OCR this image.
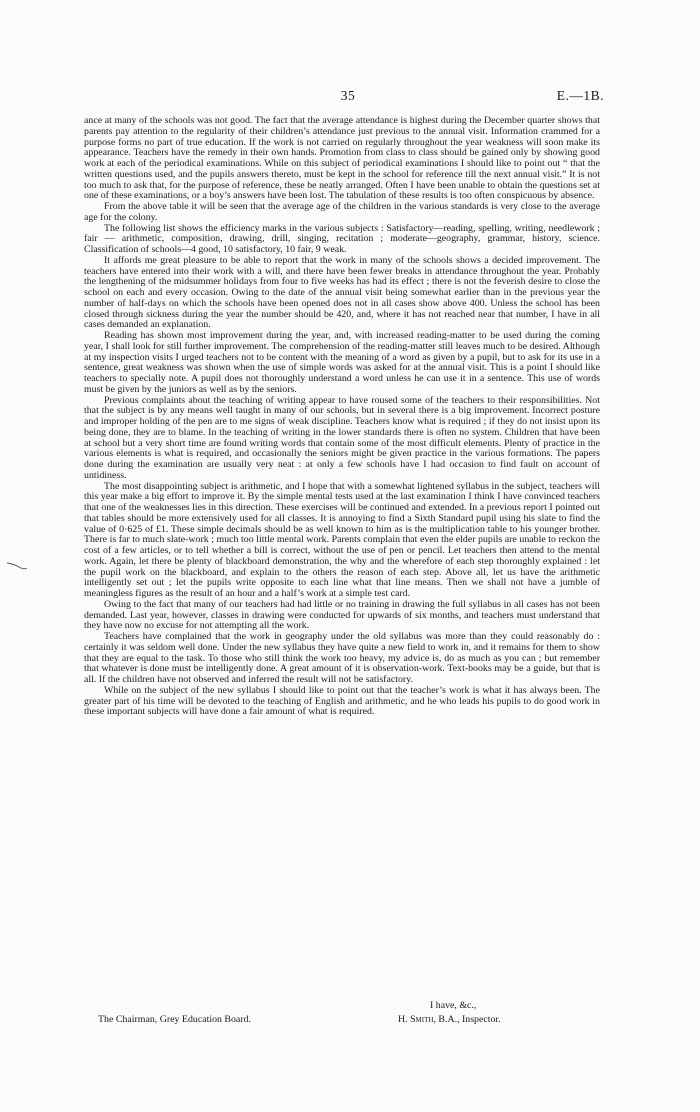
35	E.—1B.

ance at many of the schools was not good. The fact that the average attendance is highest during the December quarter shows that parents pay attention to the regularity of their children’s attendance just previous to the annual visit. Information crammed for a purpose forms no part of true education. If the work is not carried on regularly throughout the year weakness will soon make its appearance. Teachers have the remedy in their own hands. Promotion from class to class should be gained only by showing good work at each of the periodical examinations. While on this subject of periodical examinations I should like to point out “ that the written questions used, and the pupils answers thereto, must be kept in the school for reference till the next annual visit.” It is not too much to ask that, for the purpose of reference, these be neatly arranged. Often I have been unable to obtain the questions set at one of these examinations, or a boy’s answers have been lost. The tabulation of these results is too often conspicuous by absence.

From the above table it will be seen that the average age of the children in the various standards is very close to the average age for the colony.

The following list shows the efficiency marks in the various subjects : Satisfactory—reading, spelling, writing, needlework ; fair — arithmetic, composition, drawing, drill, singing, recitation ; moderate—geography, grammar, history, science. Classification of schools—4 good, 10 satisfactory, 10 fair, 9 weak.

It affords me great pleasure to be able to report that the work in many of the schools shows a decided improvement. The teachers have entered into their work with a will, and there have been fewer breaks in attendance throughout the year. Probably the lengthening of the midsummer holidays from four to five weeks has had its effect ; there is not the feverish desire to close the school on each and every occasion. Owing to the date of the annual visit being somewhat earlier than in the previous year the number of half-days on which the schools have been opened does not in all cases show above 400. Unless the school has been closed through sickness during the year the number should be 420, and, where it has not reached near that number, I have in all cases demanded an explanation.

Reading has shown most improvement during the year, and, with increased reading-matter to be used during the coming year, I shall look for still further improvement. The comprehension of the reading-matter still leaves much to be desired. Although at my inspection visits I urged teachers not to be content with the meaning of a word as given by a pupil, but to ask for its use in a sentence, great weakness was shown when the use of simple words was asked for at the annual visit. This is a point I should like teachers to specially note. A pupil does not thoroughly understand a word unless he can use it in a sentence. This use of words must be given by the juniors as well as by the seniors.

Previous complaints about the teaching of writing appear to have roused some of the teachers to their responsibilities. Not that the subject is by any means well taught in many of our schools, but in several there is a big improvement. Incorrect posture and improper holding of the pen are to me signs of weak discipline. Teachers know what is required ; if they do not insist upon its being done, they are to blame. In the teaching of writing in the lower standards there is often no system. Children that have been at school but a very short time are found writing words that contain some of the most difficult elements. Plenty of practice in the various elements is what is required, and occasionally the seniors might be given practice in the various formations. The papers done during the examination are usually very neat : at only a few schools have I had occasion to find fault on account of untidiness.

The most disappointing subject is arithmetic, and I hope that with a somewhat lightened syllabus in the subject, teachers will this year make a big effort to improve it. By the simple mental tests used at the last examination I think I have convinced teachers that one of the weaknesses lies in this direction. These exercises will be continued and extended. In a previous report I pointed out that tables should be more extensively used for all classes. It is annoying to find a Sixth Standard pupil using his slate to find the value of 0·625 of £1. These simple decimals should be as well known to him as is the multiplication table to his younger brother. There is far to much slate-work ; much too little mental work. Parents complain that even the elder pupils are unable to reckon the cost of a few articles, or to tell whether a bill is correct, without the use of pen or pencil. Let teachers then attend to the mental work. Again, let there be plenty of blackboard demonstration, the why and the wherefore of each step thoroughly explained : let the pupil work on the blackboard, and explain to the others the reason of each step. Above all, let us have the arithmetic intelligently set out ; let the pupils write opposite to each line what that line means. Then we shall not have a jumble of meaningless figures as the result of an hour and a half’s work at a simple test card.

Owing to the fact that many of our teachers had had little or no training in drawing the full syllabus in all cases has not been demanded. Last year, however, classes in drawing were conducted for upwards of six months, and teachers must understand that they have now no excuse for not attempting all the work.

Teachers have complained that the work in geography under the old syllabus was more than they could reasonably do : certainly it was seldom well done. Under the new syllabus they have quite a new field to work in, and it remains for them to show that they are equal to the task. To those who still think the work too heavy, my advice is, do as much as you can ; but remember that whatever is done must be intelligently done. A great amount of it is observation-work. Text-books may be a guide, but that is all. If the children have not observed and inferred the result will not be satisfactory.

While on the subject of the new syllabus I should like to point out that the teacher’s work is what it has always been. The greater part of his time will be devoted to the teaching of English and arithmetic, and he who leads his pupils to do good work in these important subjects will have done a fair amount of what is required.

I have, &c.,
The Chairman, Grey Education Board.	H. Smith, B.A., Inspector.
·
